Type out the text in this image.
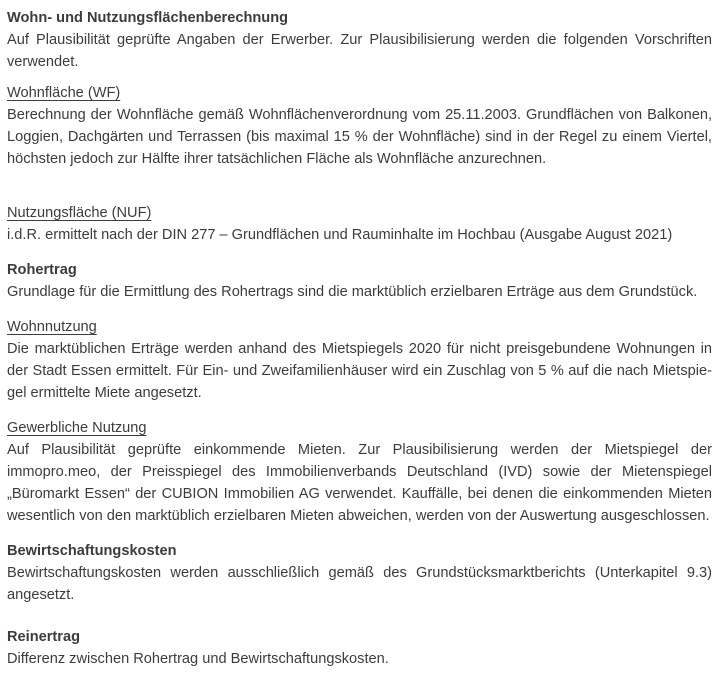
Wohn- und Nutzungsflächenberechnung
Auf Plausibilität geprüfte Angaben der Erwerber. Zur Plausibilisierung werden die folgenden Vorschriften verwendet.
Wohnfläche (WF)
Berechnung der Wohnfläche gemäß Wohnflächenverordnung vom 25.11.2003. Grundflächen von Balkonen, Loggien, Dachgärten und Terrassen (bis maximal 15 % der Wohnfläche) sind in der Regel zu einem Viertel, höchsten jedoch zur Hälfte ihrer tatsächlichen Fläche als Wohnfläche anzurechnen.
Nutzungsfläche (NUF)
i.d.R. ermittelt nach der DIN 277 – Grundflächen und Rauminhalte im Hochbau (Ausgabe August 2021)
Rohertrag
Grundlage für die Ermittlung des Rohertrags sind die marktüblich erzielbaren Erträge aus dem Grundstück.
Wohnnutzung
Die marktüblichen Erträge werden anhand des Mietspiegels 2020 für nicht preisgebundene Wohnungen in der Stadt Essen ermittelt. Für Ein- und Zweifamilienhäuser wird ein Zuschlag von 5 % auf die nach Mietspiegel ermittelte Miete angesetzt.
Gewerbliche Nutzung
Auf Plausibilität geprüfte einkommende Mieten. Zur Plausibilisierung werden der Mietspiegel der immopro.meo, der Preisspiegel des Immobilienverbands Deutschland (IVD) sowie der Mietenspiegel „Büromarkt Essen“ der CUBION Immobilien AG verwendet. Kauffälle, bei denen die einkommenden Mieten wesentlich von den marktüblich erzielbaren Mieten abweichen, werden von der Auswertung ausgeschlossen.
Bewirtschaftungskosten
Bewirtschaftungskosten werden ausschließlich gemäß des Grundstücksmarktberichts (Unterkapitel 9.3) angesetzt.
Reinertrag
Differenz zwischen Rohertrag und Bewirtschaftungskosten.
